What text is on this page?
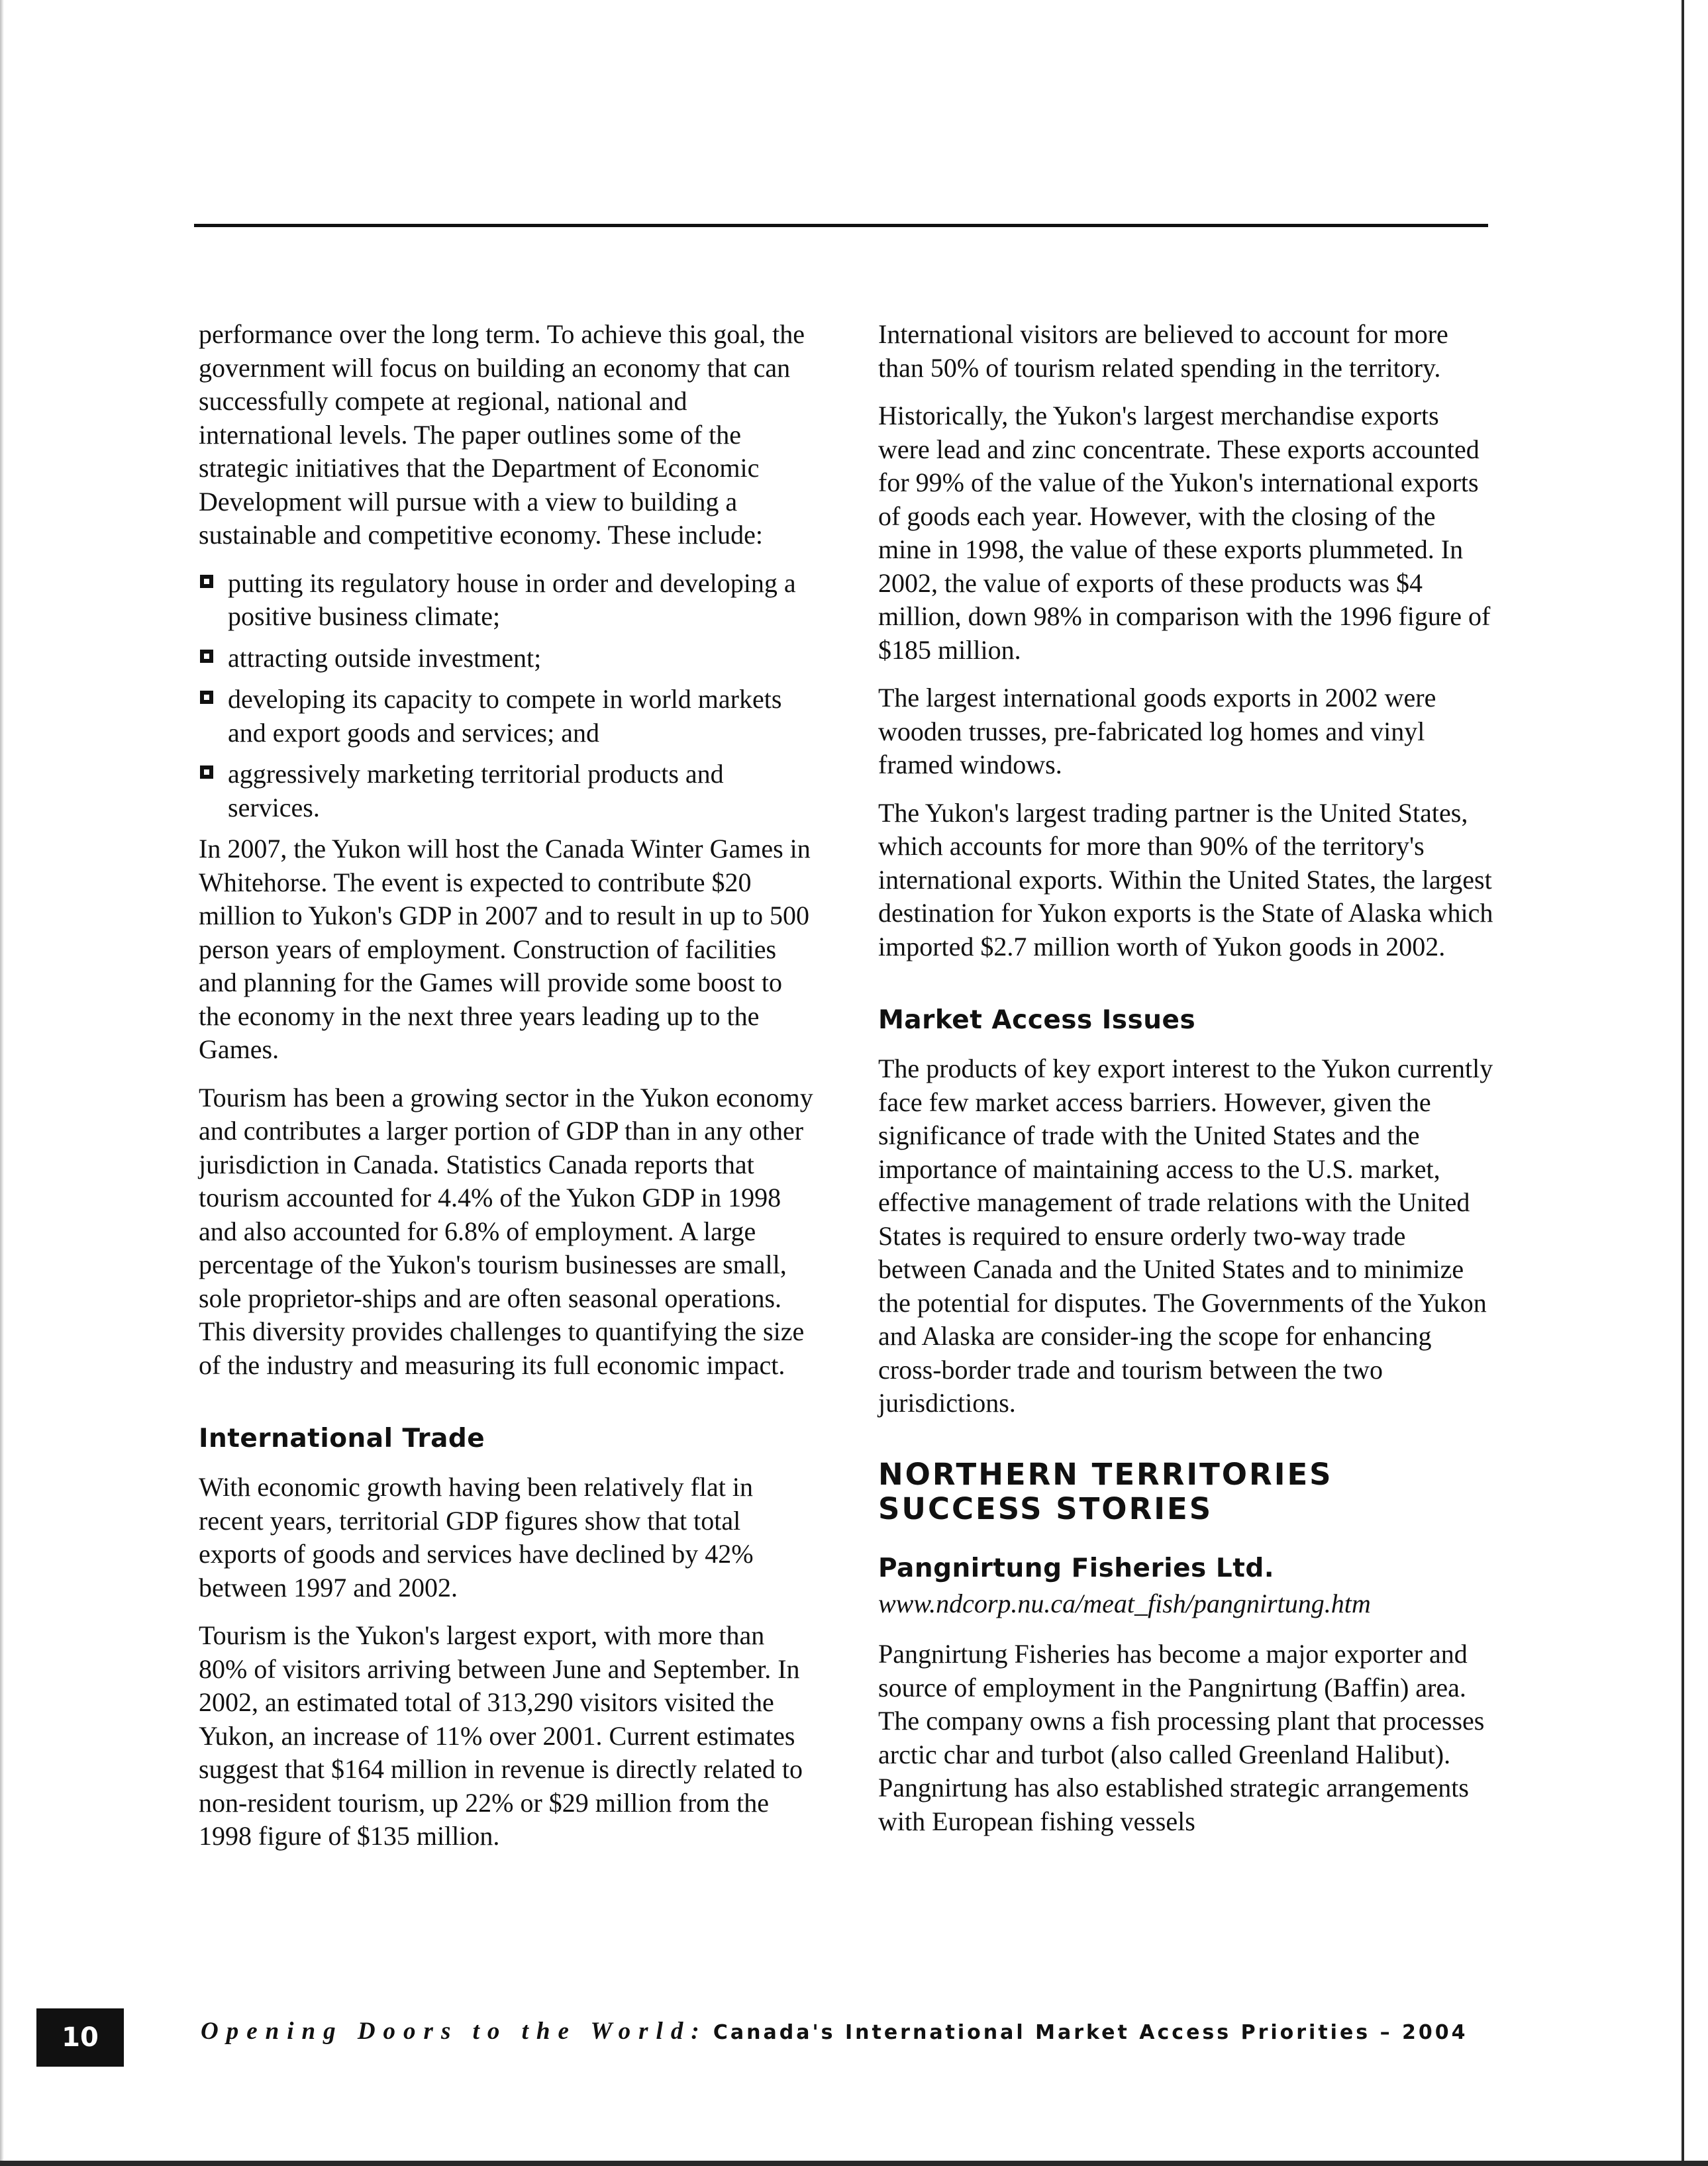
performance over the long term. To achieve this goal, the government will focus on building an economy that can successfully compete at regional, national and international levels. The paper outlines some of the strategic initiatives that the Department of Economic Development will pursue with a view to building a sustainable and competitive economy. These include:

putting its regulatory house in order and developing a positive business climate;
attracting outside investment;
developing its capacity to compete in world markets and export goods and services; and
aggressively marketing territorial products and services.

In 2007, the Yukon will host the Canada Winter Games in Whitehorse. The event is expected to contribute $20 million to Yukon's GDP in 2007 and to result in up to 500 person years of employment. Construction of facilities and planning for the Games will provide some boost to the economy in the next three years leading up to the Games.

Tourism has been a growing sector in the Yukon economy and contributes a larger portion of GDP than in any other jurisdiction in Canada. Statistics Canada reports that tourism accounted for 4.4% of the Yukon GDP in 1998 and also accounted for 6.8% of employment. A large percentage of the Yukon's tourism businesses are small, sole proprietor-ships and are often seasonal operations. This diversity provides challenges to quantifying the size of the industry and measuring its full economic impact.

International Trade

With economic growth having been relatively flat in recent years, territorial GDP figures show that total exports of goods and services have declined by 42% between 1997 and 2002.

Tourism is the Yukon's largest export, with more than 80% of visitors arriving between June and September. In 2002, an estimated total of 313,290 visitors visited the Yukon, an increase of 11% over 2001. Current estimates suggest that $164 million in revenue is directly related to non-resident tourism, up 22% or $29 million from the 1998 figure of $135 million.

International visitors are believed to account for more than 50% of tourism related spending in the territory.

Historically, the Yukon's largest merchandise exports were lead and zinc concentrate. These exports accounted for 99% of the value of the Yukon's international exports of goods each year. However, with the closing of the mine in 1998, the value of these exports plummeted. In 2002, the value of exports of these products was $4 million, down 98% in comparison with the 1996 figure of $185 million.

The largest international goods exports in 2002 were wooden trusses, pre-fabricated log homes and vinyl framed windows.

The Yukon's largest trading partner is the United States, which accounts for more than 90% of the territory's international exports. Within the United States, the largest destination for Yukon exports is the State of Alaska which imported $2.7 million worth of Yukon goods in 2002.

Market Access Issues

The products of key export interest to the Yukon currently face few market access barriers. However, given the significance of trade with the United States and the importance of maintaining access to the U.S. market, effective management of trade relations with the United States is required to ensure orderly two-way trade between Canada and the United States and to minimize the potential for disputes. The Governments of the Yukon and Alaska are consider-ing the scope for enhancing cross-border trade and tourism between the two jurisdictions.

NORTHERN TERRITORIES
SUCCESS STORIES
Pangnirtung Fisheries Ltd.

www.ndcorp.nu.ca/meat_fish/pangnirtung.htm

Pangnirtung Fisheries has become a major exporter and source of employment in the Pangnirtung (Baffin) area. The company owns a fish processing plant that processes arctic char and turbot (also called Greenland Halibut). Pangnirtung has also established strategic arrangements with European fishing vessels

10	Opening Doors to the World: Canada's International Market Access Priorities – 2004
